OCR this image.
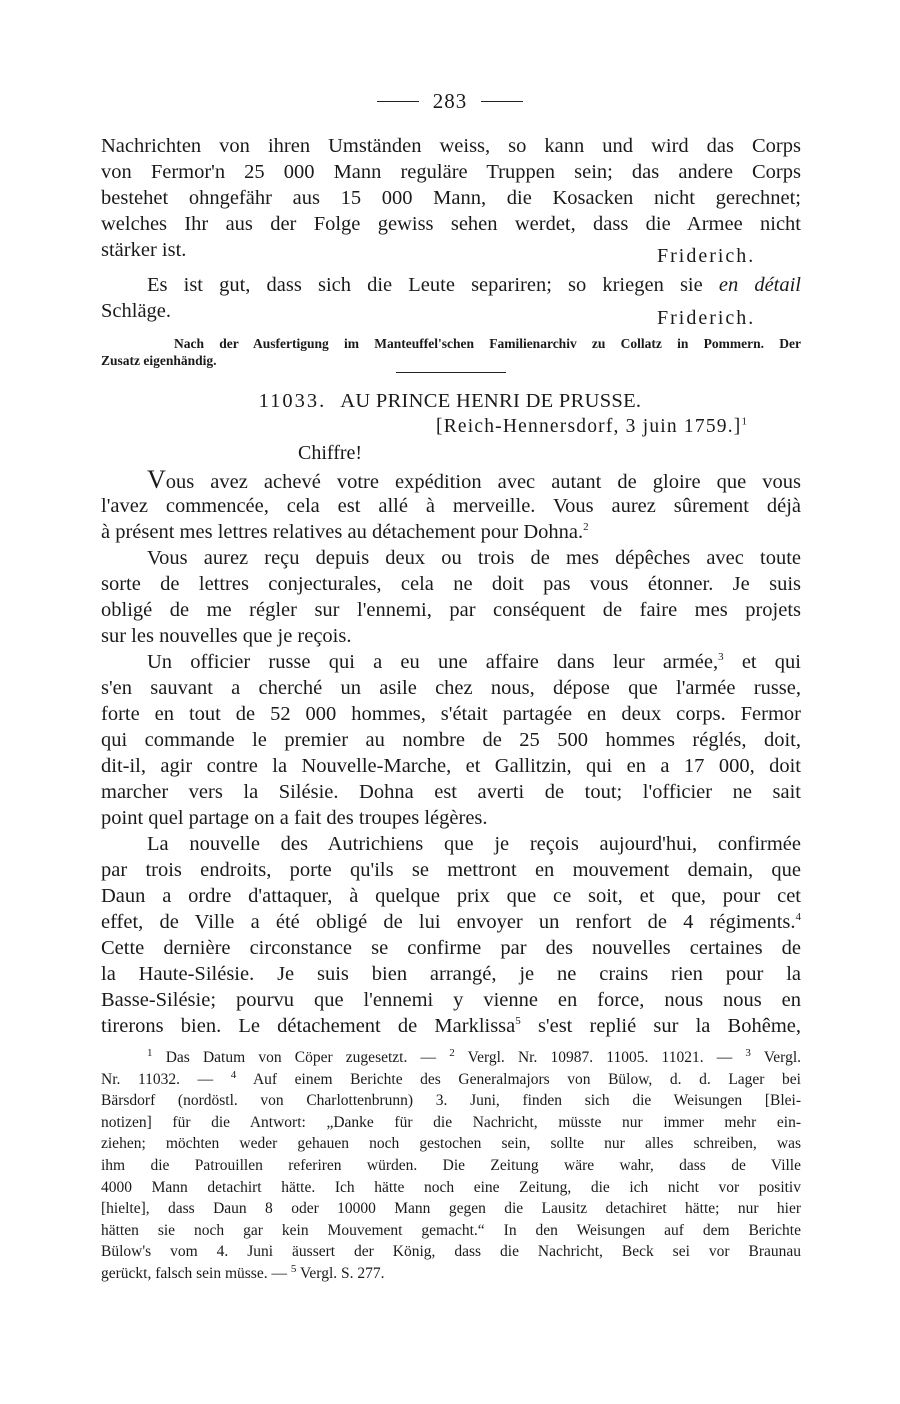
283
Nachrichten von ihren Umständen weiss, so kann und wird das Corps
von Fermor'n 25 000 Mann reguläre Truppen sein; das andere Corps
bestehet ohngefähr aus 15 000 Mann, die Kosacken nicht gerechnet;
welches Ihr aus der Folge gewiss sehen werdet, dass die Armee nicht
stärker ist.	Friderich.
Es ist gut, dass sich die Leute separiren; so kriegen sie en détail
Schläge.	Friderich.
Nach der Ausfertigung im Manteuffel'schen Familienarchiv zu Collatz in Pommern. Der
Zusatz eigenhändig.
11033. AU PRINCE HENRI DE PRUSSE.
[Reich-Hennersdorf, 3 juin 1759.]$^1$
Chiffre!
Vous avez achevé votre expédition avec autant de gloire que vous
l'avez commencée, cela est allé à merveille. Vous aurez sûrement déjà
à présent mes lettres relatives au détachement pour Dohna.$^2$
Vous aurez reçu depuis deux ou trois de mes dépêches avec toute
sorte de lettres conjecturales, cela ne doit pas vous étonner. Je suis
obligé de me régler sur l'ennemi, par conséquent de faire mes projets
sur les nouvelles que je reçois.
Un officier russe qui a eu une affaire dans leur armée,$^3$ et qui
s'en sauvant a cherché un asile chez nous, dépose que l'armée russe,
forte en tout de 52 000 hommes, s'était partagée en deux corps. Fermor
qui commande le premier au nombre de 25 500 hommes réglés, doit,
dit-il, agir contre la Nouvelle-Marche, et Gallitzin, qui en a 17 000, doit
marcher vers la Silésie. Dohna est averti de tout; l'officier ne sait
point quel partage on a fait des troupes légères.
La nouvelle des Autrichiens que je reçois aujourd'hui, confirmée
par trois endroits, porte qu'ils se mettront en mouvement demain, que
Daun a ordre d'attaquer, à quelque prix que ce soit, et que, pour cet
effet, de Ville a été obligé de lui envoyer un renfort de 4 régiments.$^4$
Cette dernière circonstance se confirme par des nouvelles certaines de
la Haute-Silésie. Je suis bien arrangé, je ne crains rien pour la
Basse-Silésie; pourvu que l'ennemi y vienne en force, nous nous en
tirerons bien. Le détachement de Marklissa$^5$ s'est replié sur la Bohême,
$^1$ Das Datum von Cöper zugesetzt. — $^2$ Vergl. Nr. 10987. 11005. 11021. — $^3$ Vergl.
Nr. 11032. — $^4$ Auf einem Berichte des Generalmajors von Bülow, d. d. Lager bei
Bärsdorf (nordöstl. von Charlottenbrunn) 3. Juni, finden sich die Weisungen [Blei-
notizen] für die Antwort: „Danke für die Nachricht, müsste nur immer mehr ein-
ziehen; möchten weder gehauen noch gestochen sein, sollte nur alles schreiben, was
ihm die Patrouillen referiren würden. Die Zeitung wäre wahr, dass de Ville
4000 Mann detachirt hätte. Ich hätte noch eine Zeitung, die ich nicht vor positiv
[hielte], dass Daun 8 oder 10000 Mann gegen die Lausitz detachiret hätte; nur hier
hätten sie noch gar kein Mouvement gemacht.“ In den Weisungen auf dem Berichte
Bülow's vom 4. Juni äussert der König, dass die Nachricht, Beck sei vor Braunau
gerückt, falsch sein müsse. — $^5$ Vergl. S. 277.
